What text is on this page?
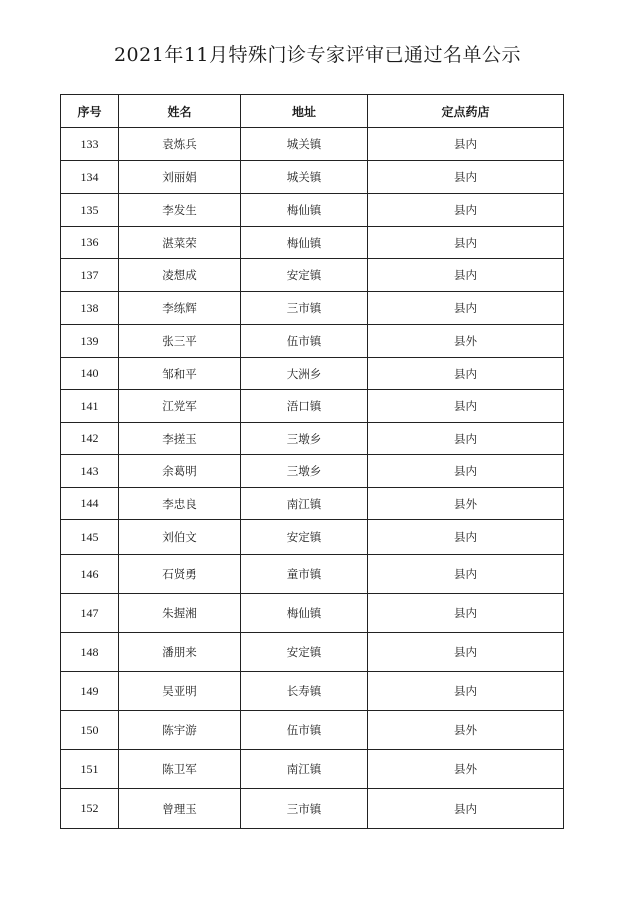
2021年11月特殊门诊专家评审已通过名单公示
序号	姓名	地址	定点药店
133	袁炼兵	城关镇	县内
134	刘丽娟	城关镇	县内
135	李发生	梅仙镇	县内
136	湛菜荣	梅仙镇	县内
137	凌想成	安定镇	县内
138	李练辉	三市镇	县内
139	张三平	伍市镇	县外
140	邹和平	大洲乡	县内
141	江党军	浯口镇	县内
142	李搓玉	三墩乡	县内
143	余葛明	三墩乡	县内
144	李忠良	南江镇	县外
145	刘伯文	安定镇	县内
146	石贤勇	童市镇	县内
147	朱握湘	梅仙镇	县内
148	潘朋来	安定镇	县内
149	吴亚明	长寿镇	县内
150	陈宇游	伍市镇	县外
151	陈卫军	南江镇	县外
152	曾理玉	三市镇	县内
